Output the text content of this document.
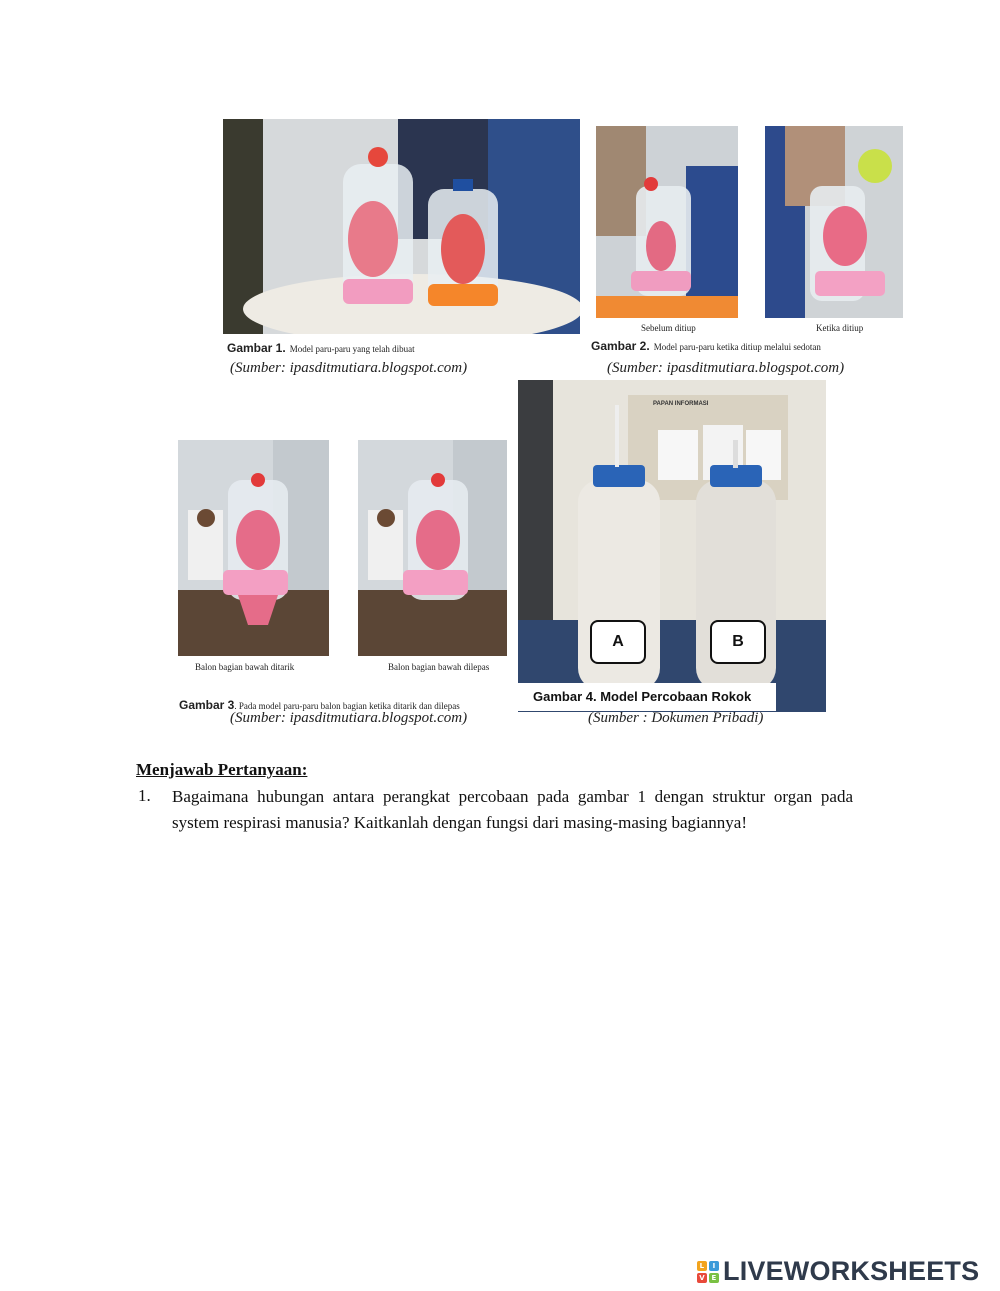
Gambar 1. Model paru-paru yang telah dibuat
(Sumber: ipasditmutiara.blogspot.com)
Sebelum ditiup	Ketika ditiup
Gambar 2. Model paru-paru ketika ditiup melalui sedotan
(Sumber: ipasditmutiara.blogspot.com)
Balon bagian bawah ditarik	Balon bagian bawah dilepas
Gambar 3. Pada model paru-paru balon bagian ketika ditarik dan dilepas
(Sumber: ipasditmutiara.blogspot.com)
PAPAN INFORMASI
A	B
Gambar 4. Model Percobaan Rokok
(Sumber : Dokumen Pribadi)
Menjawab Pertanyaan:
1. Bagaimana hubungan antara perangkat percobaan pada gambar 1 dengan struktur organ pada system respirasi manusia? Kaitkanlah dengan fungsi dari masing-masing bagiannya!
L	I
V E LIVEWORKSHEETS
